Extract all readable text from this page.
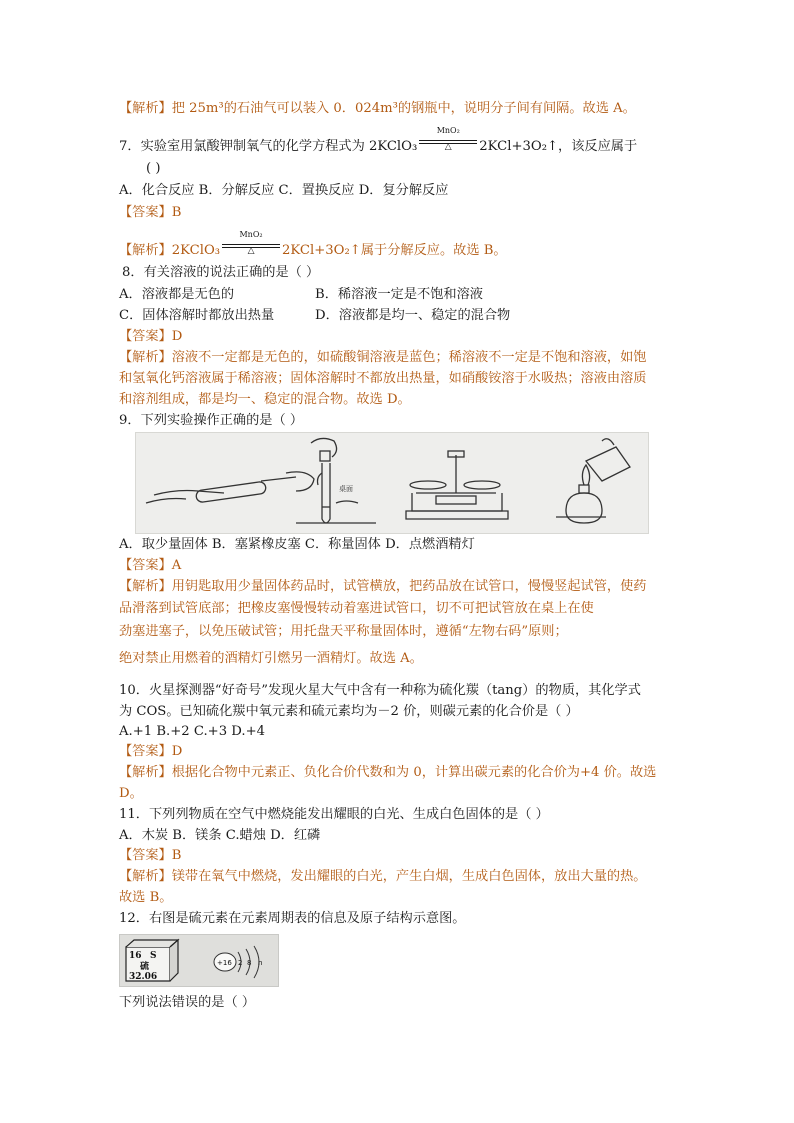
【解析】把 25m³的石油气可以装入 0．024m³的钢瓶中，说明分子间有间隔。故选 A。
7．实验室用氯酸钾制氧气的化学方程式为 2KClO₃
MnO₂
△	2KCl+3O₂↑，该反应属于
( )
A．化合反应 B．分解反应 C．置换反应 D．复分解反应
【答案】B
【解析】2KClO₃
MnO₂
△	2KCl+3O₂↑属于分解反应。故选 B。
8．有关溶液的说法正确的是（ ）
A．溶液都是无色的	B．稀溶液一定是不饱和溶液
C．固体溶解时都放出热量	D．溶液都是均一、稳定的混合物
【答案】D
【解析】溶液不一定都是无色的，如硫酸铜溶液是蓝色；稀溶液不一定是不饱和溶液，如饱
和氢氧化钙溶液属于稀溶液；固体溶解时不都放出热量，如硝酸铵溶于水吸热；溶液由溶质
和溶剂组成，都是均一、稳定的混合物。故选 D。
9．下列实验操作正确的是（ ）
桌面
A．取少量固体 B．塞紧橡皮塞 C．称量固体 D．点燃酒精灯
【答案】A
【解析】用钥匙取用少量固体药品时，试管横放，把药品放在试管口，慢慢竖起试管，使药
品滑落到试管底部；把橡皮塞慢慢转动着塞进试管口，切不可把试管放在桌上在使
劲塞进塞子，以免压破试管；用托盘天平称量固体时，遵循“左物右码”原则；
绝对禁止用燃着的酒精灯引燃另一酒精灯。故选 A。
10．火星探测器“好奇号”发现火星大气中含有一种称为硫化羰（tang）的物质，其化学式
为 COS。已知硫化羰中氧元素和硫元素均为－2 价，则碳元素的化合价是（ ）
A.+1 B.+2 C.+3 D.+4
【答案】D
【解析】根据化合物中元素正、负化合价代数和为 0，计算出碳元素的化合价为+4 价。故选
D。
11．下列列物质在空气中燃烧能发出耀眼的白光、生成白色固体的是（ ）
A．木炭 B．镁条 C.蜡烛 D．红磷
【答案】B
【解析】镁带在氧气中燃烧，发出耀眼的白光，产生白烟，生成白色固体，放出大量的热。
故选 B。
12．右图是硫元素在元素周期表的信息及原子结构示意图。
16 S
硫
32.06
+16 2 8 n
下列说法错误的是（ ）
